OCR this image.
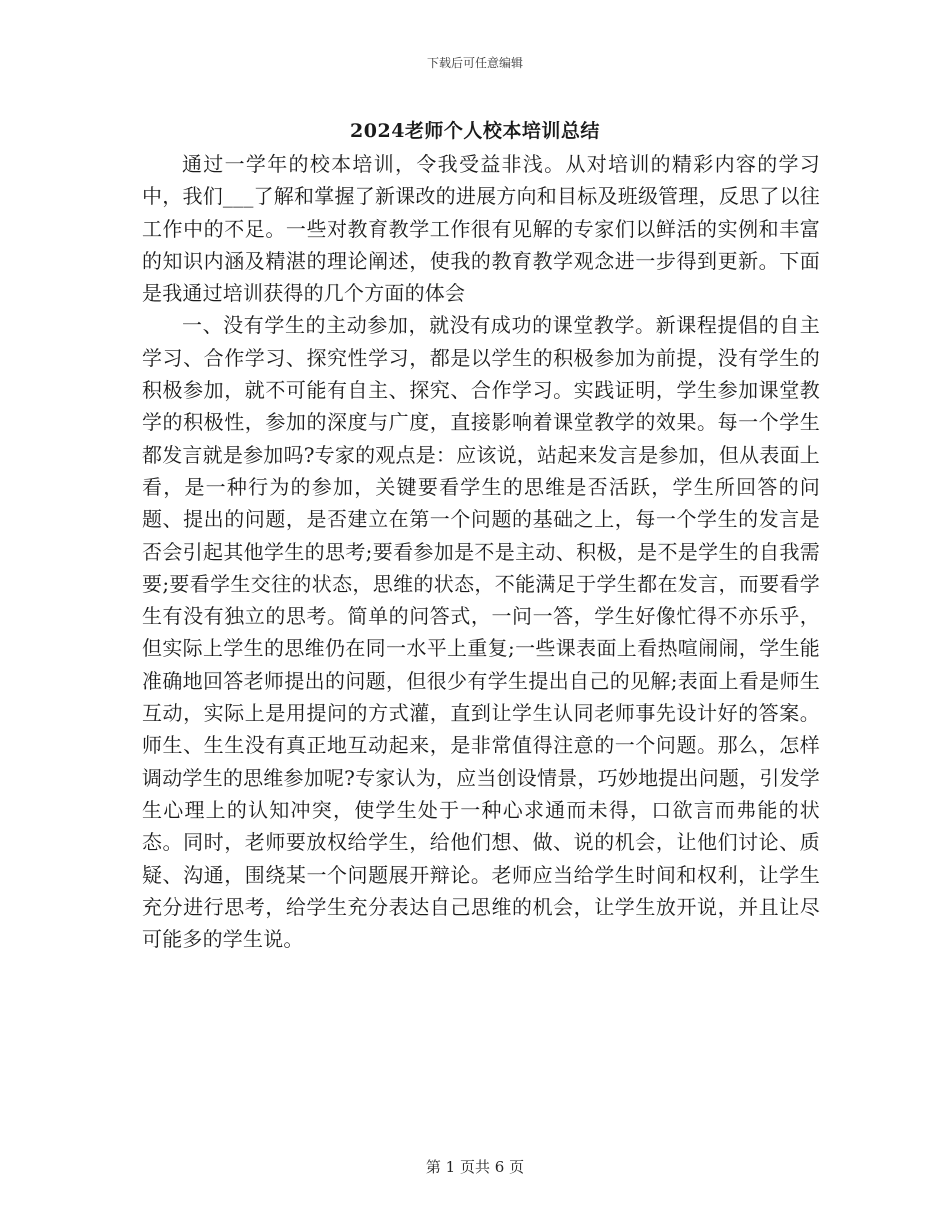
下载后可任意编辑
2024老师个人校本培训总结

通过一学年的校本培训，令我受益非浅。从对培训的精彩内容的学习中，我们___了解和掌握了新课改的进展方向和目标及班级管理，反思了以往工作中的不足。一些对教育教学工作很有见解的专家们以鲜活的实例和丰富的知识内涵及精湛的理论阐述，使我的教育教学观念进一步得到更新。下面是我通过培训获得的几个方面的体会

一、没有学生的主动参加，就没有成功的课堂教学。新课程提倡的自主学习、合作学习、探究性学习，都是以学生的积极参加为前提，没有学生的积极参加，就不可能有自主、探究、合作学习。实践证明，学生参加课堂教学的积极性，参加的深度与广度，直接影响着课堂教学的效果。每一个学生都发言就是参加吗?专家的观点是：应该说，站起来发言是参加，但从表面上看，是一种行为的参加，关键要看学生的思维是否活跃，学生所回答的问题、提出的问题，是否建立在第一个问题的基础之上，每一个学生的发言是否会引起其他学生的思考;要看参加是不是主动、积极，是不是学生的自我需要;要看学生交往的状态，思维的状态，不能满足于学生都在发言，而要看学生有没有独立的思考。简单的问答式，一问一答，学生好像忙得不亦乐乎，但实际上学生的思维仍在同一水平上重复;一些课表面上看热喧闹闹，学生能准确地回答老师提出的问题，但很少有学生提出自己的见解;表面上看是师生互动，实际上是用提问的方式灌，直到让学生认同老师事先设计好的答案。师生、生生没有真正地互动起来，是非常值得注意的一个问题。那么，怎样调动学生的思维参加呢?专家认为，应当创设情景，巧妙地提出问题，引发学生心理上的认知冲突，使学生处于一种心求通而未得，口欲言而弗能的状态。同时，老师要放权给学生，给他们想、做、说的机会，让他们讨论、质疑、沟通，围绕某一个问题展开辩论。老师应当给学生时间和权利，让学生充分进行思考，给学生充分表达自己思维的机会，让学生放开说，并且让尽可能多的学生说。

第 1 页共 6 页
